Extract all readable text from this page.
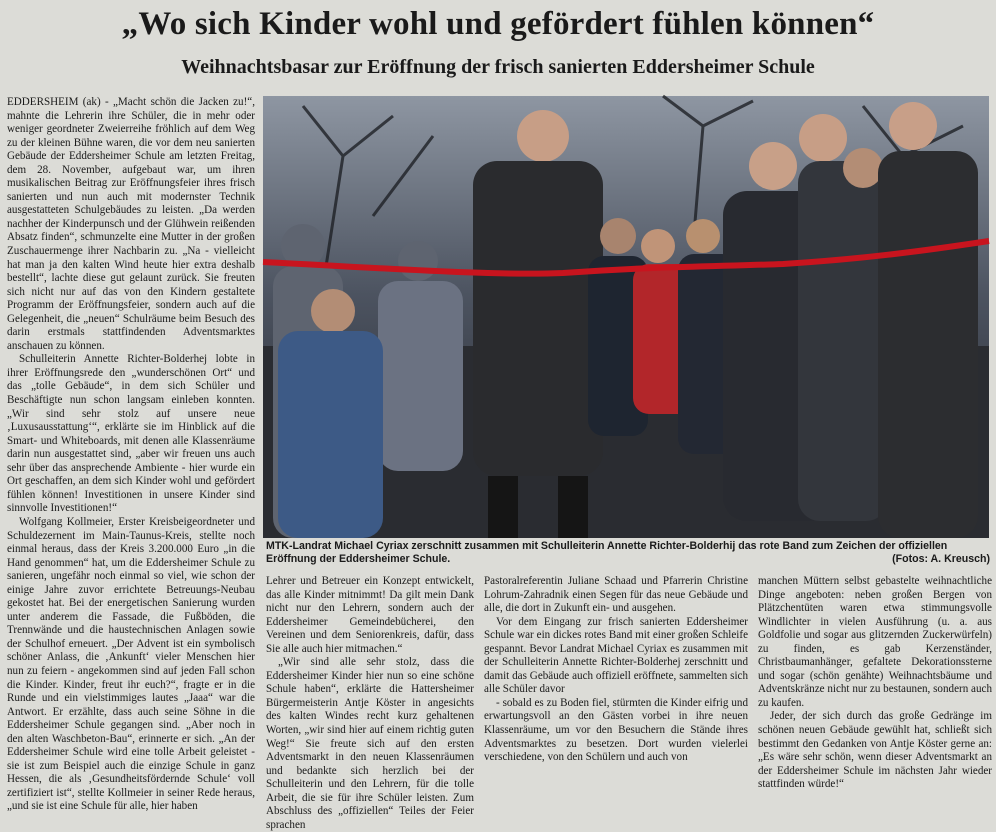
„Wo sich Kinder wohl und gefördert fühlen können“
Weihnachtsbasar zur Eröffnung der frisch sanierten Eddersheimer Schule

EDDERSHEIM (ak) - „Macht schön die Jacken zu!“, mahnte die Lehrerin ihre Schüler, die in mehr oder weniger geordneter Zweierreihe fröhlich auf dem Weg zu der kleinen Bühne waren, die vor dem neu sanierten Gebäude der Eddersheimer Schule am letzten Freitag, dem 28. November, aufgebaut war, um ihren musikalischen Beitrag zur Eröffnungsfeier ihres frisch sanierten und nun auch mit modernster Technik ausgestatteten Schulgebäudes zu leisten. „Da werden nachher der Kinderpunsch und der Glühwein reißenden Absatz finden“, schmunzelte eine Mutter in der großen Zuschauermenge ihrer Nachbarin zu. „Na - vielleicht hat man ja den kalten Wind heute hier extra deshalb bestellt“, lachte diese gut gelaunt zurück. Sie freuten sich nicht nur auf das von den Kindern gestaltete Programm der Eröffnungsfeier, sondern auch auf die Gelegenheit, die „neuen“ Schulräume beim Besuch des darin erstmals stattfindenden Adventsmarktes anschauen zu können.

Schulleiterin Annette Richter-Bolderhej lobte in ihrer Eröffnungsrede den „wunderschönen Ort“ und das „tolle Gebäude“, in dem sich Schüler und Beschäftigte nun schon langsam einleben konnten. „Wir sind sehr stolz auf unsere neue ‚Luxusausstattung‘“, erklärte sie im Hinblick auf die Smart- und Whiteboards, mit denen alle Klassenräume darin nun ausgestattet sind, „aber wir freuen uns auch sehr über das ansprechende Ambiente - hier wurde ein Ort geschaffen, an dem sich Kinder wohl und gefördert fühlen können! Investitionen in unsere Kinder sind sinnvolle Investitionen!“

Wolfgang Kollmeier, Erster Kreisbeigeordneter und Schuldezernent im Main-Taunus-Kreis, stellte noch einmal heraus, dass der Kreis 3.200.000 Euro „in die Hand genommen“ hat, um die Eddersheimer Schule zu sanieren, ungefähr noch einmal so viel, wie schon der einige Jahre zuvor errichtete Betreuungs-Neubau gekostet hat. Bei der energetischen Sanierung wurden unter anderem die Fassade, die Fußböden, die Trennwände und die haustechnischen Anlagen sowie der Schulhof erneuert. „Der Advent ist ein symbolisch schöner Anlass, die ‚Ankunft‘ vieler Menschen hier nun zu feiern - angekommen sind auf jeden Fall schon die Kinder. Kinder, freut ihr euch?“, fragte er in die Runde und ein vielstimmiges lautes „Jaaa“ war die Antwort. Er erzählte, dass auch seine Söhne in die Eddersheimer Schule gegangen sind. „Aber noch in den alten Waschbeton-Bau“, erinnerte er sich. „An der Eddersheimer Schule wird eine tolle Arbeit geleistet - sie ist zum Beispiel auch die einzige Schule in ganz Hessen, die als ‚Gesundheitsfördernde Schule‘ voll zertifiziert ist“, stellte Kollmeier in seiner Rede heraus, „und sie ist eine Schule für alle, hier haben

MTK-Landrat Michael Cyriax zerschnitt zusammen mit Schulleiterin Annette Richter-Bolderhij das rote Band zum Zeichen der offiziellen Eröffnung der Eddersheimer Schule.	(Fotos: A. Kreusch)

Lehrer und Betreuer ein Konzept entwickelt, das alle Kinder mitnimmt! Da gilt mein Dank nicht nur den Lehrern, sondern auch der Eddersheimer Gemeindebücherei, den Vereinen und dem Seniorenkreis, dafür, dass Sie alle auch hier mitmachen.“

„Wir sind alle sehr stolz, dass die Eddersheimer Kinder hier nun so eine schöne Schule haben“, erklärte die Hattersheimer Bürgermeisterin Antje Köster in angesichts des kalten Windes recht kurz gehaltenen Worten, „wir sind hier auf einem richtig guten Weg!“ Sie freute sich auf den ersten Adventsmarkt in den neuen Klassenräumen und bedankte sich herzlich bei der Schulleiterin und den Lehrern, für die tolle Arbeit, die sie für ihre Schüler leisten. Zum Abschluss des „offiziellen“ Teiles der Feier sprachen

Pastoralreferentin Juliane Schaad und Pfarrerin Christine Lohrum-Zahradnik einen Segen für das neue Gebäude und alle, die dort in Zukunft ein- und ausgehen.

Vor dem Eingang zur frisch sanierten Eddersheimer Schule war ein dickes rotes Band mit einer großen Schleife gespannt. Bevor Landrat Michael Cyriax es zusammen mit der Schulleiterin Annette Richter-Bolderhej zerschnitt und damit das Gebäude auch offiziell eröffnete, sammelten sich alle Schüler davor

- sobald es zu Boden fiel, stürmten die Kinder eifrig und erwartungsvoll an den Gästen vorbei in ihre neuen Klassenräume, um vor den Besuchern die Stände ihres Adventsmarktes zu besetzen. Dort wurden vielerlei verschiedene, von den Schülern und auch von

manchen Müttern selbst gebastelte weihnachtliche Dinge angeboten: neben großen Bergen von Plätzchentüten waren etwa stimmungsvolle Windlichter in vielen Ausführung (u. a. aus Goldfolie und sogar aus glitzernden Zuckerwürfeln) zu finden, es gab Kerzenständer, Christbaumanhänger, gefaltete Dekorationssterne und sogar (schön genähte) Weihnachtsbäume und Adventskränze nicht nur zu bestaunen, sondern auch zu kaufen.

Jeder, der sich durch das große Gedränge im schönen neuen Gebäude gewühlt hat, schließt sich bestimmt den Gedanken von Antje Köster gerne an: „Es wäre sehr schön, wenn dieser Adventsmarkt an der Eddersheimer Schule im nächsten Jahr wieder stattfinden würde!“
